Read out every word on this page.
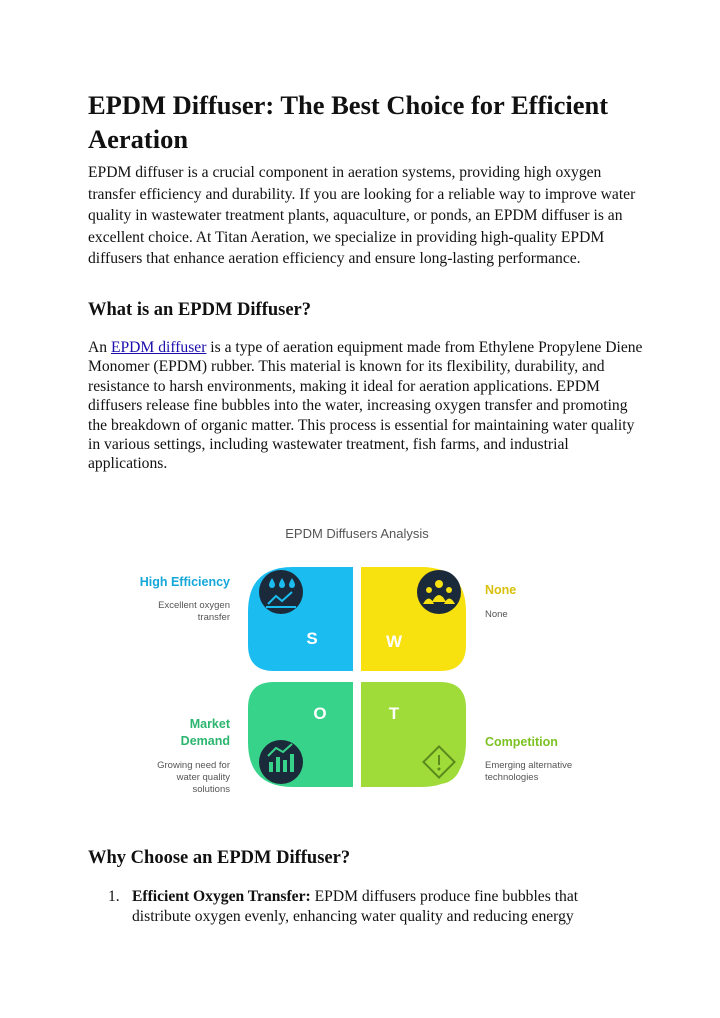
EPDM Diffuser: The Best Choice for Efficient Aeration

EPDM diffuser is a crucial component in aeration systems, providing high oxygen transfer efficiency and durability. If you are looking for a reliable way to improve water quality in wastewater treatment plants, aquaculture, or ponds, an EPDM diffuser is an excellent choice. At Titan Aeration, we specialize in providing high-quality EPDM diffusers that enhance aeration efficiency and ensure long-lasting performance.

What is an EPDM Diffuser?

An EPDM diffuser is a type of aeration equipment made from Ethylene Propylene Diene Monomer (EPDM) rubber. This material is known for its flexibility, durability, and resistance to harsh environments, making it ideal for aeration applications. EPDM diffusers release fine bubbles into the water, increasing oxygen transfer and promoting the breakdown of organic matter. This process is essential for maintaining water quality in various settings, including wastewater treatment, fish farms, and industrial applications.

EPDM Diffusers Analysis
S	W
O	T
High Efficiency
Excellent oxygen
transfer
None
None
Market
Demand
Growing need for
water quality
solutions
Competition
Emerging alternative
technologies
Why Choose an EPDM Diffuser?
1. Efficient Oxygen Transfer: EPDM diffusers produce fine bubbles that distribute oxygen evenly, enhancing water quality and reducing energy
